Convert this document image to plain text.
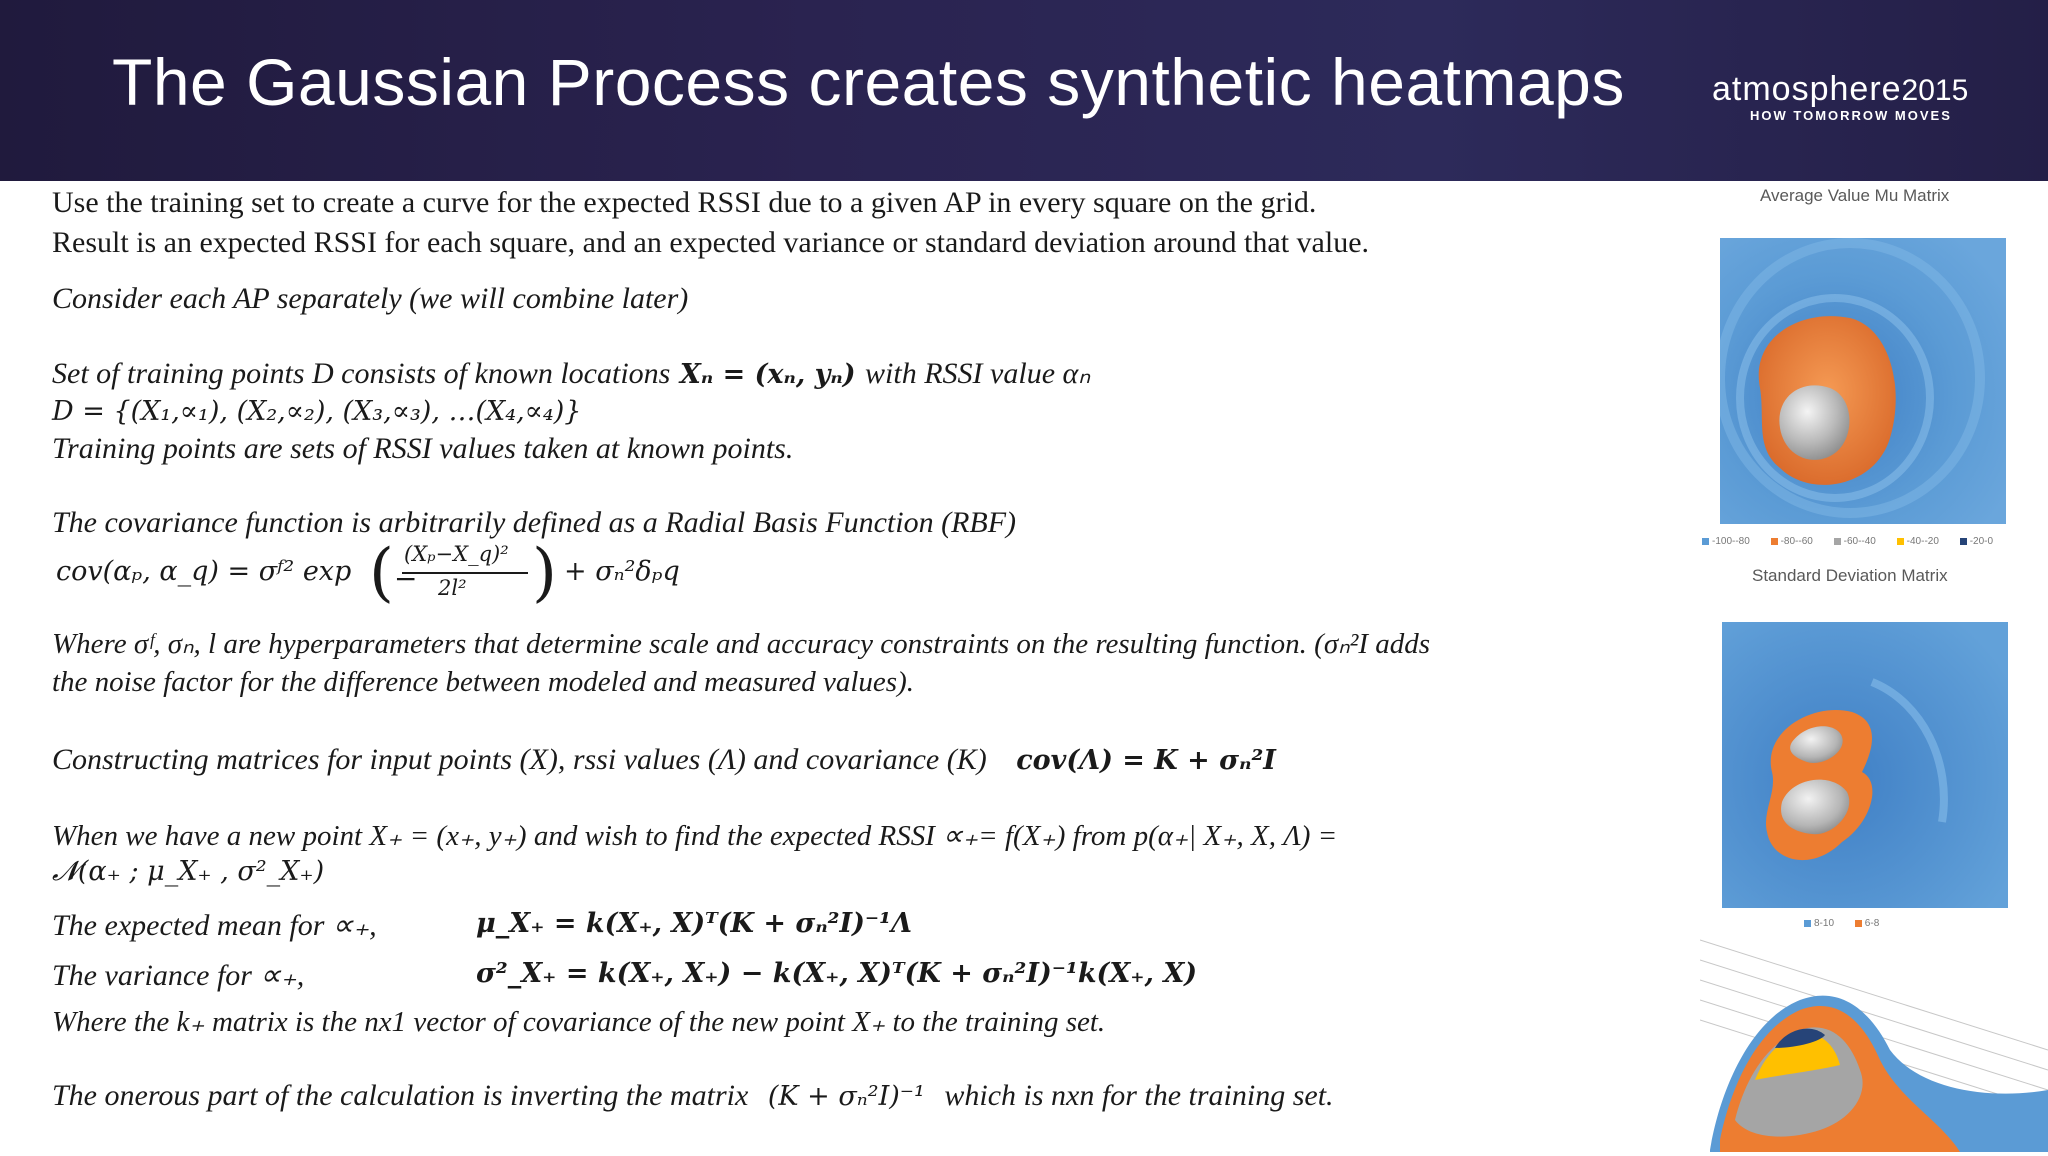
The Gaussian Process creates synthetic heatmaps	atmosphere2015
HOW TOMORROW MOVES
Use the training set to create a curve for the expected RSSI due to a given AP in every square on the grid.
Result is an expected RSSI for each square, and an expected variance or standard deviation around that value.
Consider each AP separately (we will combine later)
Set of training points D consists of known locations Xₙ = (xₙ, yₙ) with RSSI value αₙ
D = {(X₁,∝₁), (X₂,∝₂), (X₃,∝₃), …(X₄,∝₄)}
Training points are sets of RSSI values taken at known points.
The covariance function is arbitrarily defined as a Radial Basis Function (RBF)
cov(αₚ, α_q) = σᶠ² exp ( −
(Xₚ−X_q)²
2l² ) + σₙ²δₚq
Where σᶠ, σₙ, l are hyperparameters that determine scale and accuracy constraints on the resulting function. (σₙ²I adds
the noise factor for the difference between modeled and measured values).
Constructing matrices for input points (X), rssi values (Λ) and covariance (K) cov(Λ) = K + σₙ²I
When we have a new point X₊ = (x₊, y₊) and wish to find the expected RSSI ∝₊= f(X₊) from p(α₊| X₊, X, Λ) =
𝓝(α₊ ; μ_X₊ , σ²_X₊)
The expected mean for ∝₊,	μ_X₊ = k(X₊, X)ᵀ(K + σₙ²I)⁻¹Λ
The variance for ∝₊,	σ²_X₊ = k(X₊, X₊) − k(X₊, X)ᵀ(K + σₙ²I)⁻¹k(X₊, X)
Where the k₊ matrix is the nx1 vector of covariance of the new point X₊ to the training set.
The onerous part of the calculation is inverting the matrix (K + σₙ²I)⁻¹ which is nxn for the training set.
Average Value Mu Matrix
-100--80	-80--60	-60--40	-40--20	-20-0
Standard Deviation Matrix
8-10	6-8
